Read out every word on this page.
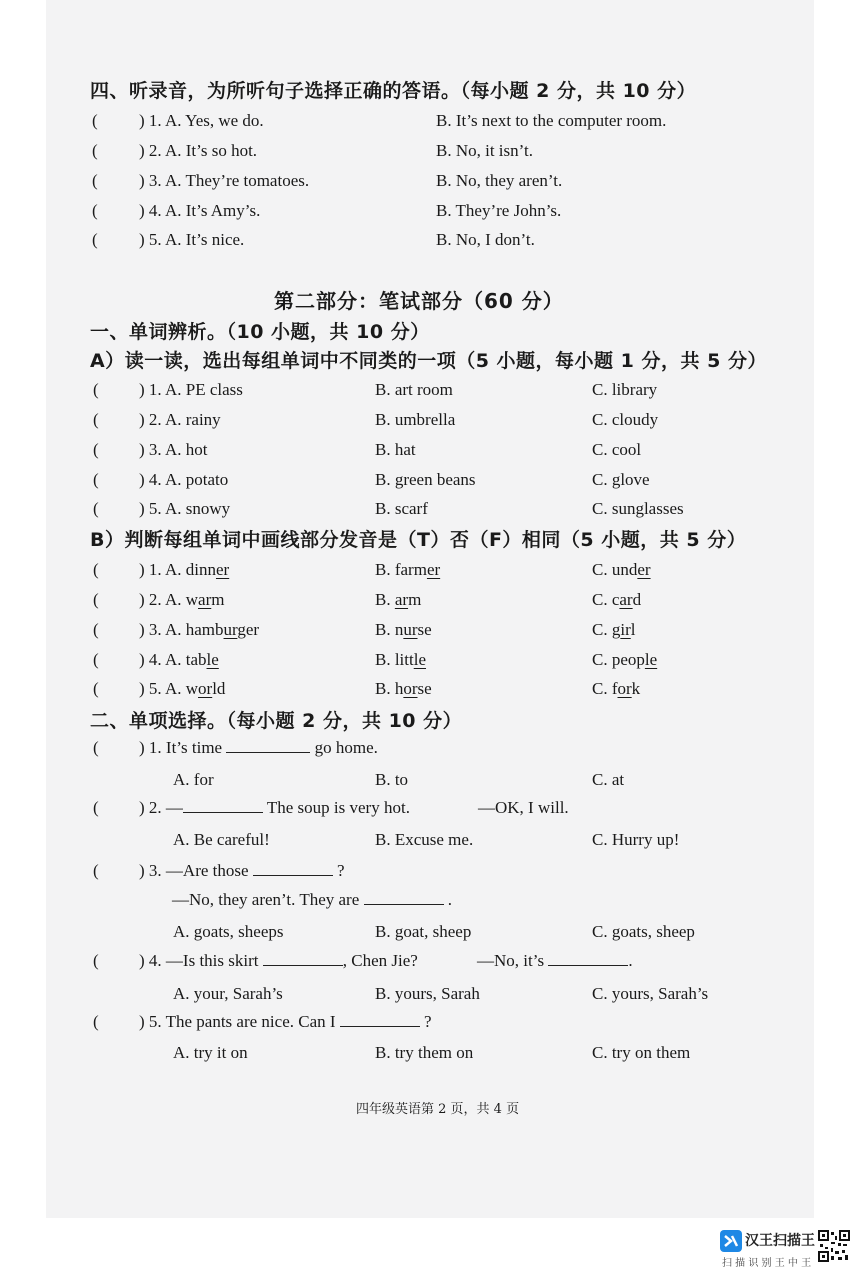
四、听录音，为所听句子选择正确的答语。（每小题 2 分，共 10 分）
( ) 1. A. Yes, we do.	B. It’s next to the computer room.
( ) 2. A. It’s so hot.	B. No, it isn’t.
( ) 3. A. They’re tomatoes.	B. No, they aren’t.
( ) 4. A. It’s Amy’s.	B. They’re John’s.
( ) 5. A. It’s nice.	B. No, I don’t.
第二部分：笔试部分（60 分）
一、单词辨析。（10 小题，共 10 分）
A）读一读，选出每组单词中不同类的一项（5 小题，每小题 1 分，共 5 分）
( ) 1. A. PE class	B. art room	C. library
( ) 2. A. rainy	B. umbrella	C. cloudy
( ) 3. A. hot	B. hat	C. cool
( ) 4. A. potato	B. green beans	C. glove
( ) 5. A. snowy	B. scarf	C. sunglasses
B）判断每组单词中画线部分发音是（T）否（F）相同（5 小题，共 5 分）
( ) 1. A. dinner	B. farmer	C. under
( ) 2. A. warm	B. arm	C. card
( ) 3. A. hamburger	B. nurse	C. girl
( ) 4. A. table	B. little	C. people
( ) 5. A. world	B. horse	C. fork
二、单项选择。（每小题 2 分，共 10 分）
( ) 1. It’s time	go home.
A. for	B. to	C. at
( ) 2. —	The soup is very hot.	—OK, I will.
A. Be careful!	B. Excuse me.	C. Hurry up!
( ) 3. —Are those	?
—No, they aren’t. They are	.
A. goats, sheeps	B. goat, sheep	C. goats, sheep
( ) 4. —Is this skirt	, Chen Jie?	—No, it’s	.
A. your, Sarah’s	B. yours, Sarah	C. yours, Sarah’s
( ) 5. The pants are nice. Can I	?
A. try it on	B. try them on	C. try on them
四年级英语第 2 页，共 4 页
汉王扫描王
扫 描 识 别 王 中 王
